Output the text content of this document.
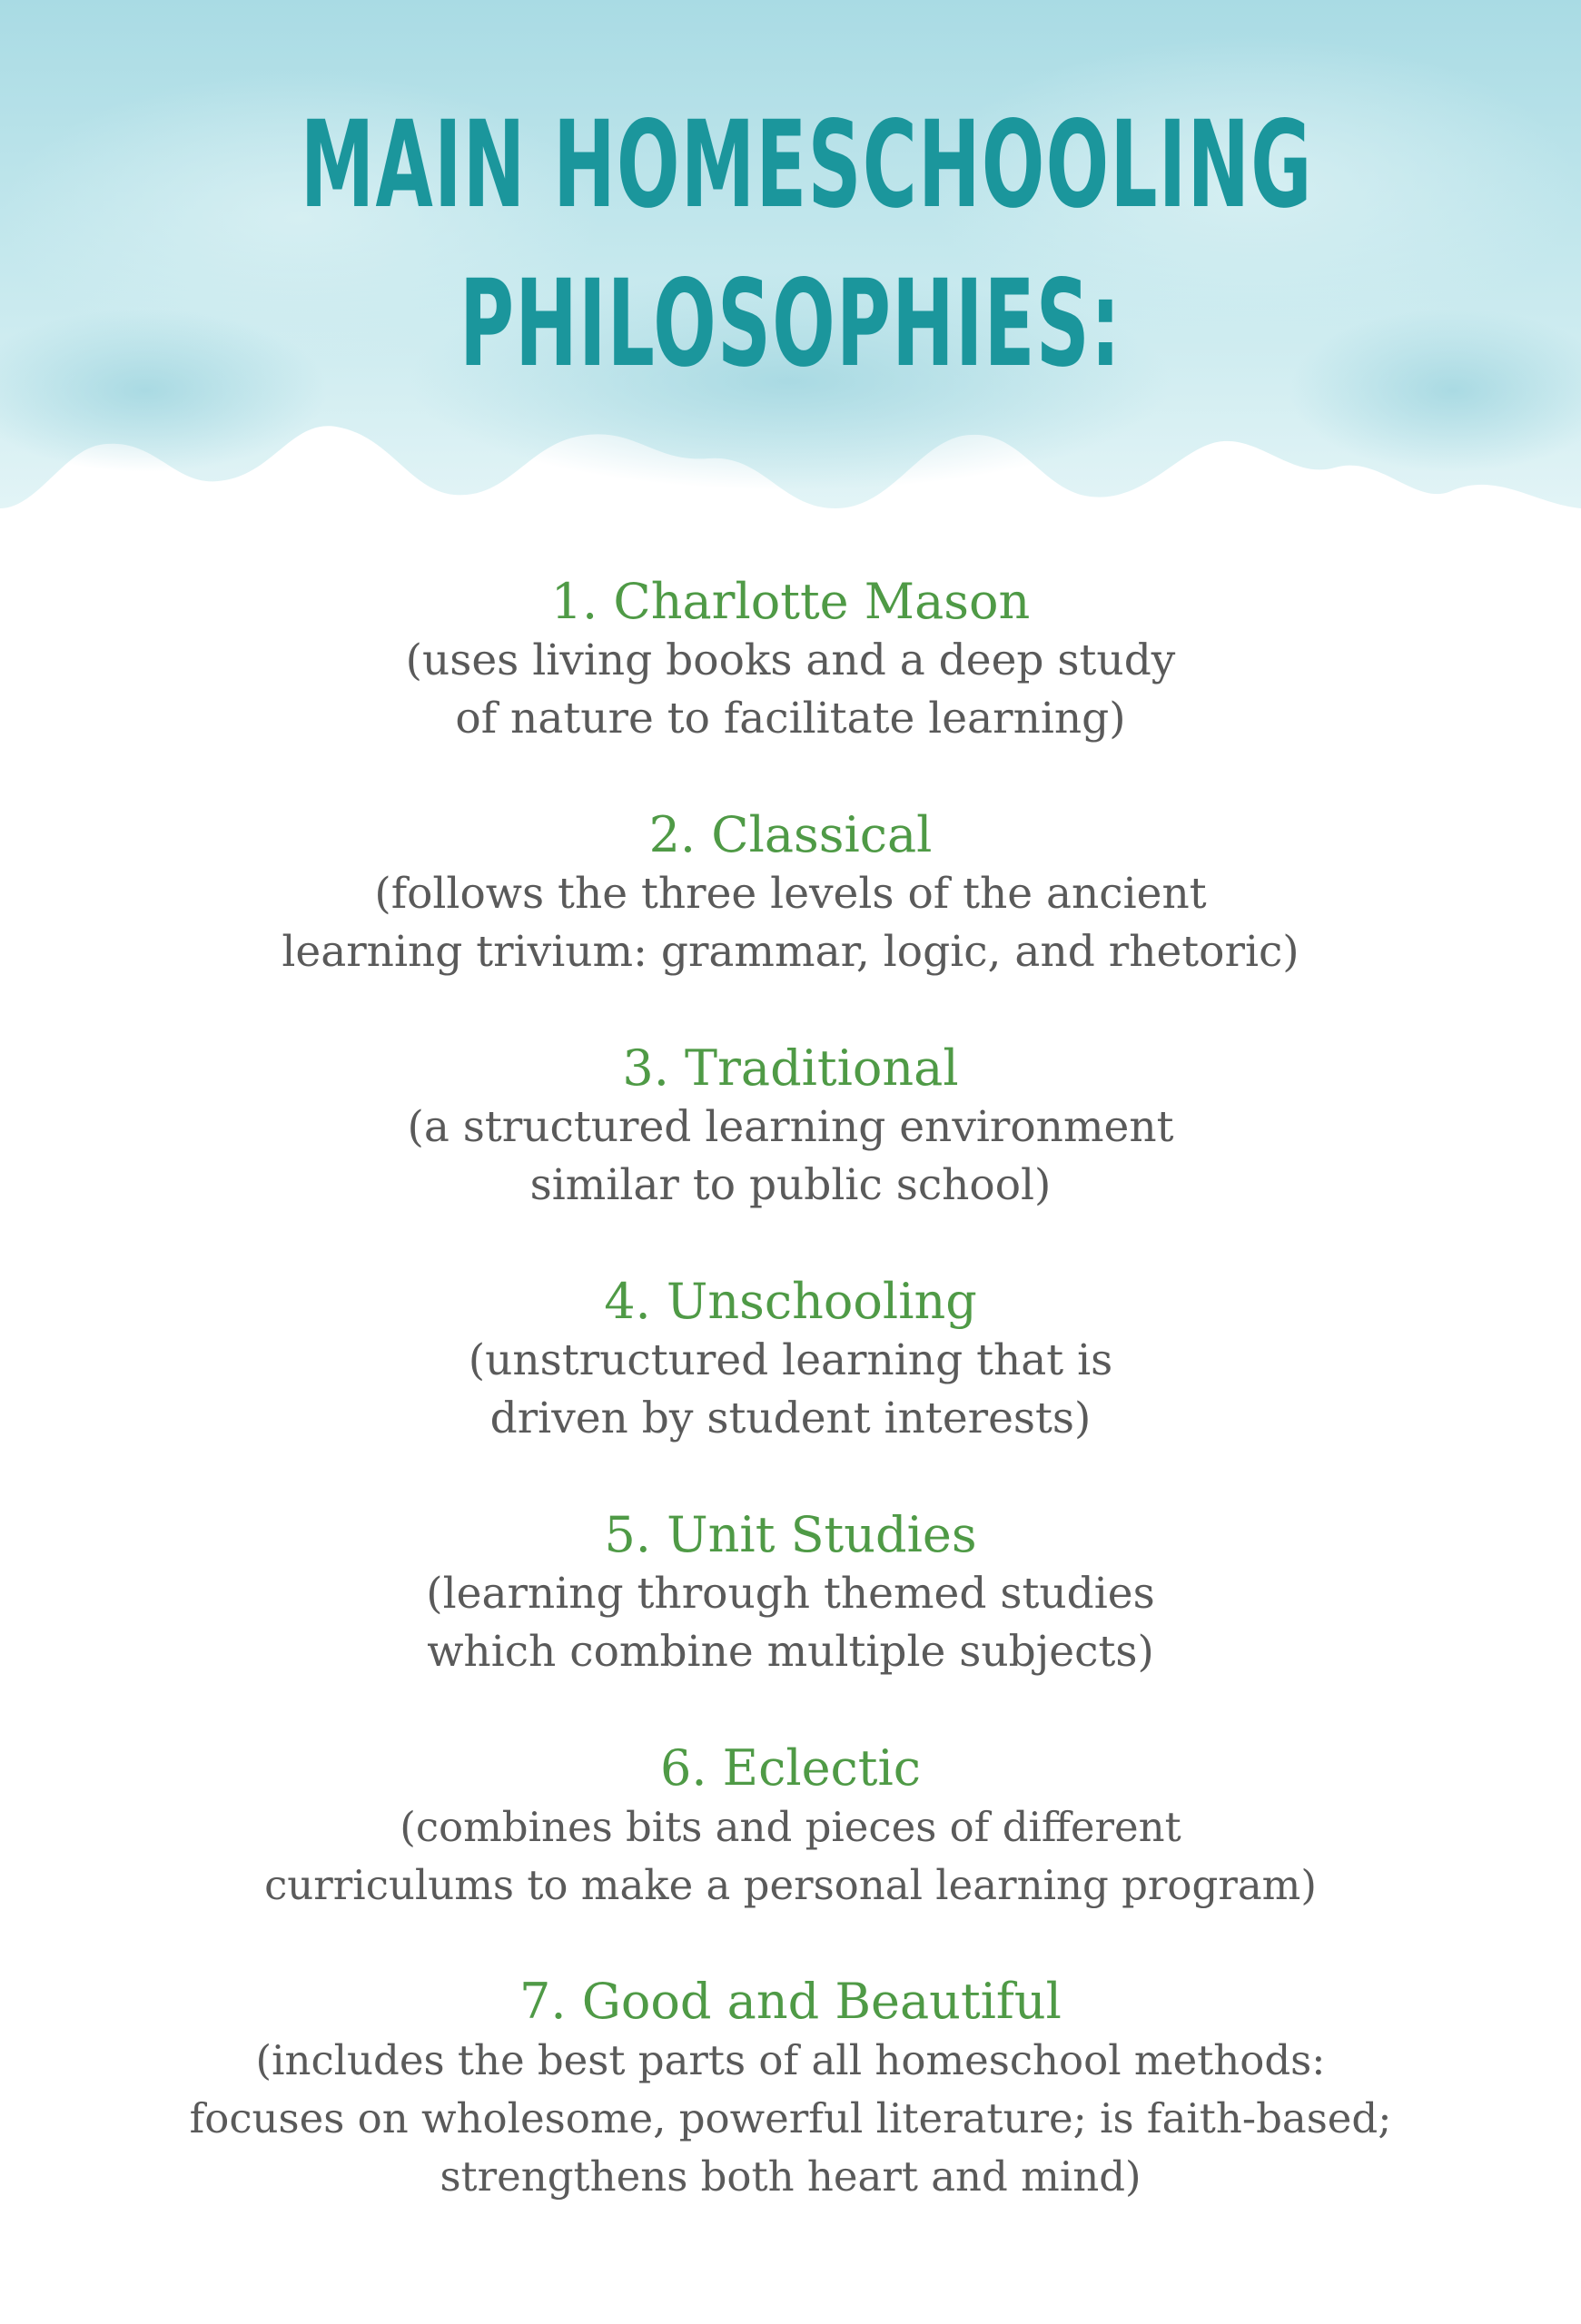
MAIN HOMESCHOOLING
PHILOSOPHIES:
1. Charlotte Mason
(uses living books and a deep study
of nature to facilitate learning)
2. Classical
(follows the three levels of the ancient
learning trivium: grammar, logic, and rhetoric)
3. Traditional
(a structured learning environment
similar to public school)
4. Unschooling
(unstructured learning that is
driven by student interests)
5. Unit Studies
(learning through themed studies
which combine multiple subjects)
6. Eclectic
(combines bits and pieces of different
curriculums to make a personal learning program)
7. Good and Beautiful
(includes the best parts of all homeschool methods:
focuses on wholesome, powerful literature; is faith-based;
strengthens both heart and mind)
